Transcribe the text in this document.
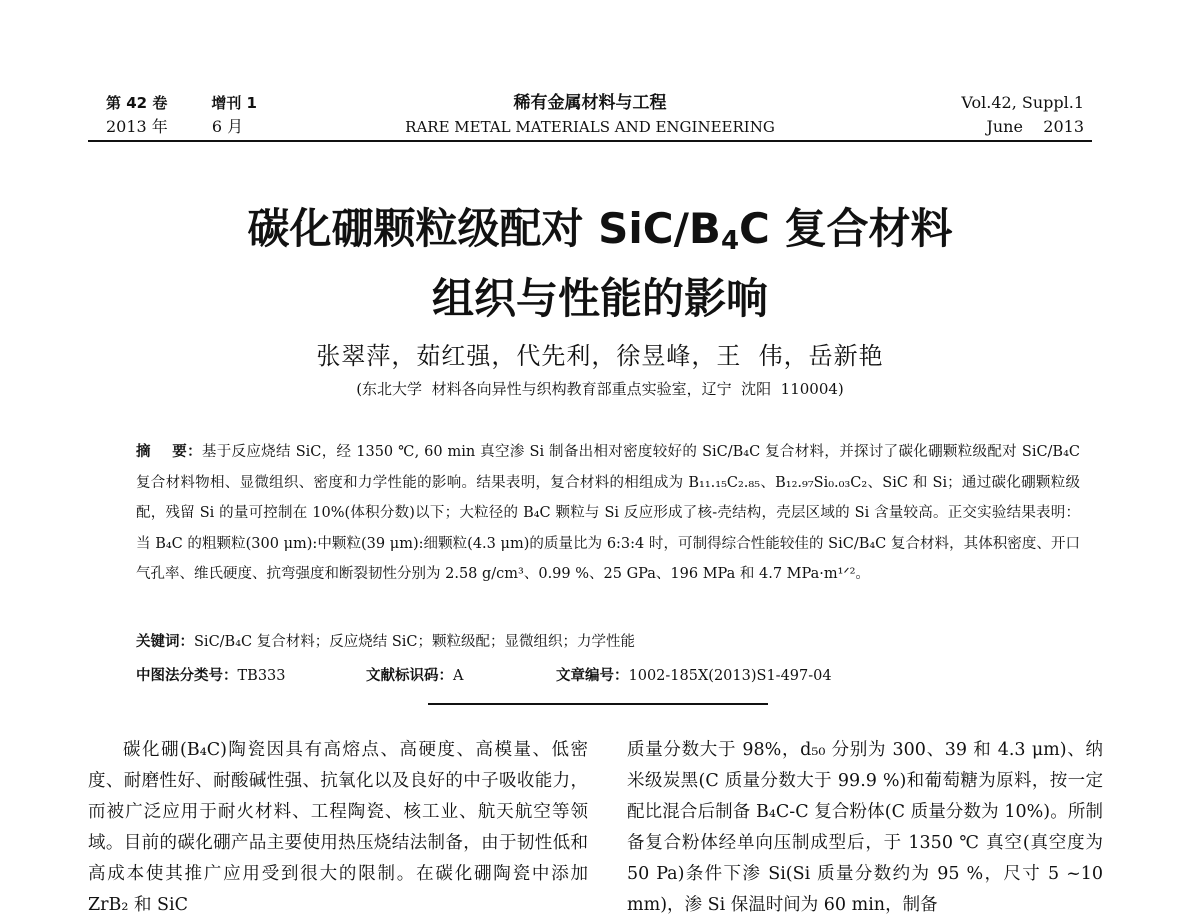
第 42 卷	增刊 1
2013 年	6 月
稀有金属材料与工程
RARE METAL MATERIALS AND ENGINEERING
Vol.42, Suppl.1
June    2013
碳化硼颗粒级配对 SiC/$B_4C$ 复合材料
组织与性能的影响
张翠萍，茹红强，代先利，徐昱峰，王  伟，岳新艳
(东北大学  材料各向异性与织构教育部重点实验室，辽宁  沈阳  110004)
摘    要：基于反应烧结 SiC，经 1350 ℃, 60 min 真空渗 Si 制备出相对密度较好的 SiC/B₄C 复合材料，并探讨了碳化硼颗粒级配对 SiC/B₄C 复合材料物相、显微组织、密度和力学性能的影响。结果表明，复合材料的相组成为 B₁₁.₁₅C₂.₈₅、B₁₂.₉₇Si₀.₀₃C₂、SiC 和 Si；通过碳化硼颗粒级配，残留 Si 的量可控制在 10%(体积分数)以下；大粒径的 B₄C 颗粒与 Si 反应形成了核-壳结构，壳层区域的 Si 含量较高。正交实验结果表明：当 B₄C 的粗颗粒(300 μm):中颗粒(39 μm):细颗粒(4.3 μm)的质量比为 6:3:4 时，可制得综合性能较佳的 SiC/B₄C 复合材料，其体积密度、开口气孔率、维氏硬度、抗弯强度和断裂韧性分别为 2.58 g/cm³、0.99 %、25 GPa、196 MPa 和 4.7 MPa·m¹ᐟ²。
关键词：SiC/B₄C 复合材料；反应烧结 SiC；颗粒级配；显微组织；力学性能
中图法分类号：TB333	文献标识码：A	文章编号：1002-185X(2013)S1-497-04

碳化硼(B₄C)陶瓷因具有高熔点、高硬度、高模量、低密度、耐磨性好、耐酸碱性强、抗氧化以及良好的中子吸收能力，而被广泛应用于耐火材料、工程陶瓷、核工业、航天航空等领域。目前的碳化硼产品主要使用热压烧结法制备，由于韧性低和高成本使其推广应用受到很大的限制。在碳化硼陶瓷中添加 ZrB₂ 和 SiC

质量分数大于 98%，d₅₀ 分别为 300、39 和 4.3 μm)、纳米级炭黑(C 质量分数大于 99.9 %)和葡萄糖为原料，按一定配比混合后制备 B₄C-C 复合粉体(C 质量分数为 10%)。所制备复合粉体经单向压制成型后，于 1350 ℃ 真空(真空度为 50 Pa)条件下渗 Si(Si 质量分数约为 95 %，尺寸 5 ~10 mm)，渗 Si 保温时间为 60 min，制备
